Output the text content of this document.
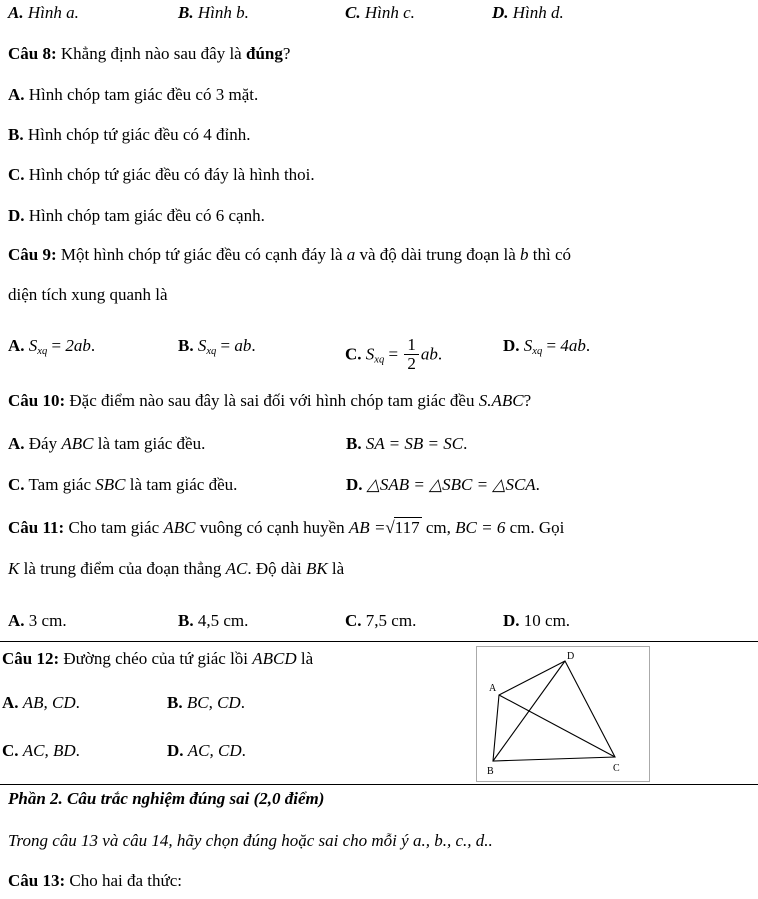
A. Hình a.	B. Hình b.	C. Hình c.	D. Hình d.
Câu 8: Khẳng định nào sau đây là đúng?
A. Hình chóp tam giác đều có 3 mặt.
B. Hình chóp tứ giác đều có 4 đỉnh.
C. Hình chóp tứ giác đều có đáy là hình thoi.
D. Hình chóp tam giác đều có 6 cạnh.
Câu 9: Một hình chóp tứ giác đều có cạnh đáy là a và độ dài trung đoạn là b thì có
diện tích xung quanh là
A. $S_{xq} = 2ab$.	B. $S_{xq}$ = ab.	C. $S_{xq} = \frac{1}{2}$ ab.	D. $S_{xq} = 4ab$.
Câu 10: Đặc điểm nào sau đây là sai đối với hình chóp tam giác đều S.ABC?
A. Đáy ABC là tam giác đều.	B. SA = SB = SC.
C. Tam giác SBC là tam giác đều.	D. △SAB = △SBC = △SCA.
Câu 11: Cho tam giác ABC vuông có cạnh huyền AB =√117 cm, BC = 6 cm. Gọi
K là trung điểm của đoạn thẳng AC. Độ dài BK là
A. 3 cm.	B. 4,5 cm.	C. 7,5 cm.	D. 10 cm.
Câu 12: Đường chéo của tứ giác lồi ABCD là
A. AB, CD.	B. BC, CD.
C. AC, BD.	D. AC, CD.
A
B	C
D
Phần 2. Câu trắc nghiệm đúng sai (2,0 điểm)
Trong câu 13 và câu 14, hãy chọn đúng hoặc sai cho mỗi ý a., b., c., d..
Câu 13: Cho hai đa thức:
